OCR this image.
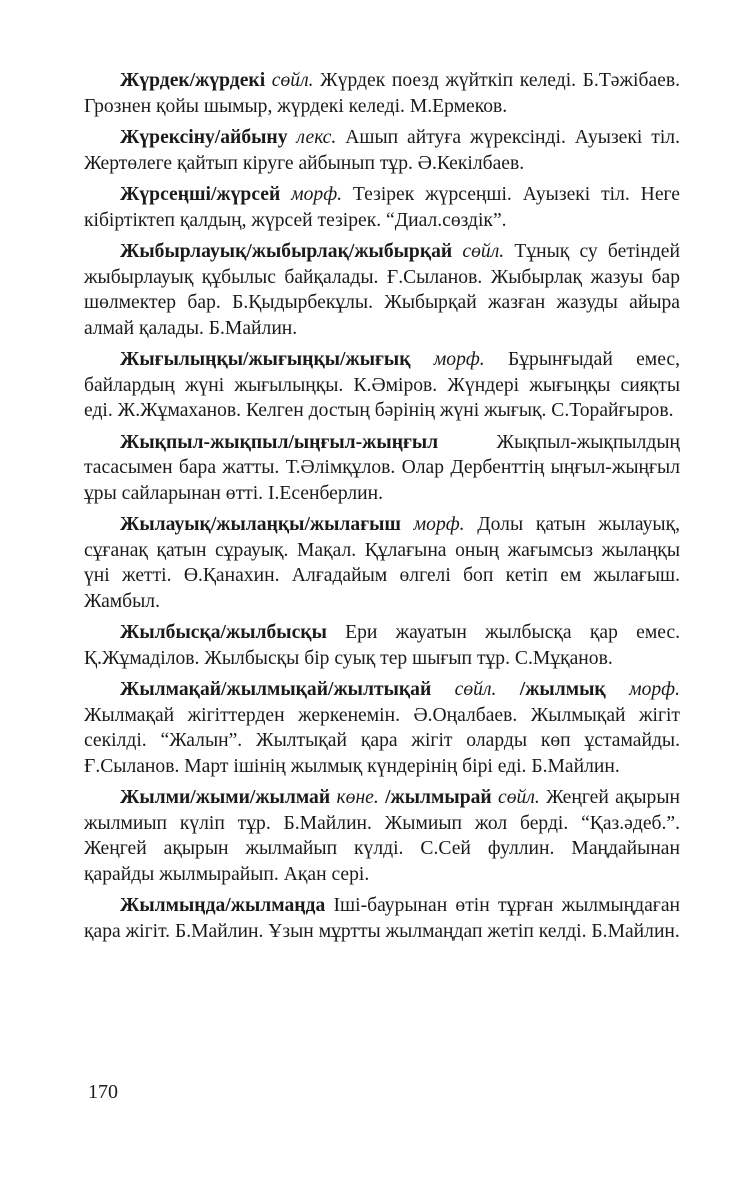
Жүрдек/жүрдекі сөйл. Жүрдек поезд жүйткіп келеді. Б.Тәжібаев. Грознен қойы шымыр, жүрдекі келеді. М.Ермеков.

Жүрексіну/айбыну лекс. Ашып айтуға жүрексінді. Ауызекі тіл. Жертөлеге қайтып кіруге айбынып тұр. Ә.Кекілбаев.

Жүрсеңші/жүрсей морф. Тезірек жүрсеңші. Ауызекі тіл. Неге кібіртіктеп қалдың, жүрсей тезірек. “Диал.сөздік”.

Жыбырлауық/жыбырлақ/жыбырқай сөйл. Тұнық су бетіндей жыбырлауық құбылыс байқалады. Ғ.Сыланов. Жыбырлақ жазуы бар шөлмектер бар. Б.Қыдырбекұлы. Жыбырқай жазған жазуды айыра алмай қалады. Б.Майлин.

Жығылыңқы/жығыңқы/жығық морф. Бұрынғыдай емес, байлардың жүні жығылыңқы. К.Әміров. Жүндері жығыңқы сияқты еді. Ж.Жұмаханов. Келген достың бәрінің жүні жығық. С.Торайғыров.

Жықпыл-жықпыл/ыңғыл-жыңғыл	Жықпыл-жықпылдың тасасымен бара жатты. Т.Әлімқұлов. Олар Дербенттің ыңғыл-жыңғыл ұры сайларынан өтті. І.Есенберлин.

Жылауық/жылаңқы/жылағыш морф. Долы қатын жылауық, сұғанақ қатын сұрауық. Мақал. Құлағына оның жағымсыз жылаңқы үні жетті. Ө.Қанахин. Алғадайым өлгелі боп кетіп ем жылағыш. Жамбыл.

Жылбысқа/жылбысқы Ери жауатын жылбысқа қар емес. Қ.Жұмаділов. Жылбысқы бір суық тер шығып тұр. С.Мұқанов.

Жылмақай/жылмықай/жылтықай сөйл. /жылмық морф. Жылмақай жігіттерден жеркенемін. Ә.Оңалбаев. Жылмықай жігіт секілді. “Жалын”. Жылтықай қара жігіт оларды көп ұстамайды. Ғ.Сыланов. Март ішінің жылмық күндерінің бірі еді. Б.Майлин.

Жылми/жыми/жылмай көне. /жылмырай сөйл. Жеңгей ақырын жылмиып күліп тұр. Б.Майлин. Жымиып жол берді. “Қаз.әдеб.”. Жеңгей ақырын жылмайып күлді. С.Сей фуллин. Маңдайынан қарайды жылмырайып. Ақан сері.

Жылмыңда/жылмаңда Іші-баурынан өтін тұрған жылмыңдаған қара жігіт. Б.Майлин. Ұзын мұртты жылмаңдап жетіп келді. Б.Майлин.

170
